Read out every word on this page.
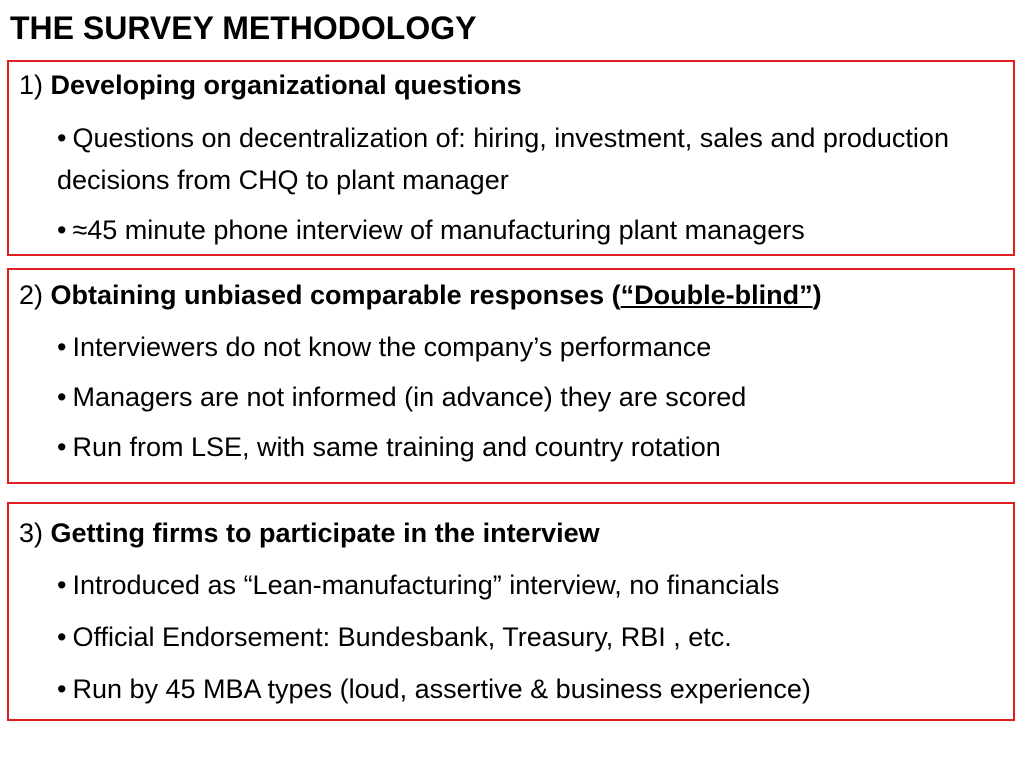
THE SURVEY METHODOLOGY
1) Developing organizational questions
• Questions on decentralization of: hiring, investment, sales and production decisions from CHQ to plant manager
• ≈45 minute phone interview of manufacturing plant managers
2) Obtaining unbiased comparable responses (“Double-blind”)
• Interviewers do not know the company’s performance
• Managers are not informed (in advance) they are scored
• Run from LSE, with same training and country rotation
3) Getting firms to participate in the interview
• Introduced as “Lean-manufacturing” interview, no financials
• Official Endorsement: Bundesbank, Treasury, RBI , etc.
• Run by 45 MBA types (loud, assertive & business experience)
